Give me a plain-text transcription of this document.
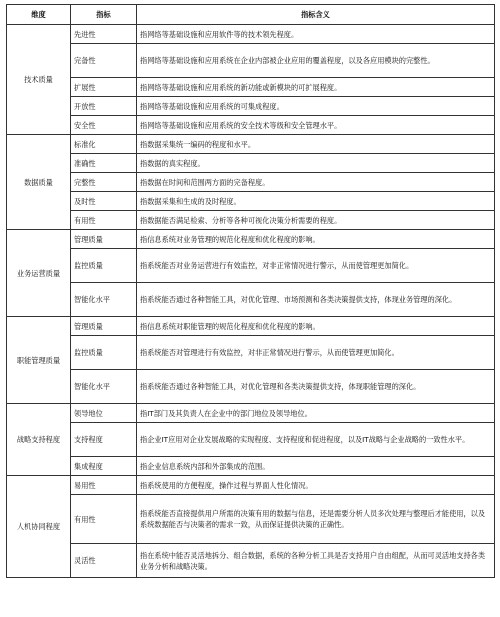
维度	指标	指标含义
技术质量	先进性	指网络等基础设施和应用软件等的技术领先程度。
	完备性	指网络等基础设施和应用系统在企业内部被企业应用的覆盖程度，以及各应用模块的完整性。
	扩展性	指网络等基础设施和应用系统的新功能或新模块的可扩展程度。
	开放性	指网络等基础设施和应用系统的可集成程度。
	安全性	指网络等基础设施和应用系统的安全技术等级和安全管理水平。
数据质量	标准化	指数据采集统一编码的程度和水平。
	准确性	指数据的真实程度。
	完整性	指数据在时间和范围两方面的完备程度。
	及时性	指数据采集和生成的及时程度。
	有用性	指数据能否满足检索、分析等各种可视化决策分析需要的程度。
业务运营质量	管理质量	指信息系统对业务管理的规范化程度和优化程度的影响。
	监控质量	指系统能否对业务运营进行有效监控，对非正常情况进行警示，从而使管理更加简化。
	智能化水平	指系统能否通过各种智能工具，对优化管理、市场预测和各类决策提供支持，体现业务管理的深化。
职能管理质量	管理质量	指信息系统对职能管理的规范化程度和优化程度的影响。
	监控质量	指系统能否对管理进行有效监控，对非正常情况进行警示，从而使管理更加简化。
	智能化水平	指系统能否通过各种智能工具，对优化管理和各类决策提供支持，体现职能管理的深化。
战略支持程度	领导地位	指IT部门及其负责人在企业中的部门地位及领导地位。
	支持程度	指企业IT应用对企业发展战略的实现程度、支持程度和促进程度，以及IT战略与企业战略的一致性水平。
	集成程度	指企业信息系统内部和外部集成的范围。
人机协同程度	易用性	指系统使用的方便程度，操作过程与界面人性化情况。
	有用性	指系统能否直接提供用户所需的决策有用的数据与信息，还是需要分析人员多次处理与整理后才能使用，以及系统数据能否与决策者的需求一致，从而保证提供决策的正确性。
	灵活性	指在系统中能否灵活地拆分、组合数据，系统的各种分析工具是否支持用户自由组配，从而可灵活地支持各类业务分析和战略决策。
